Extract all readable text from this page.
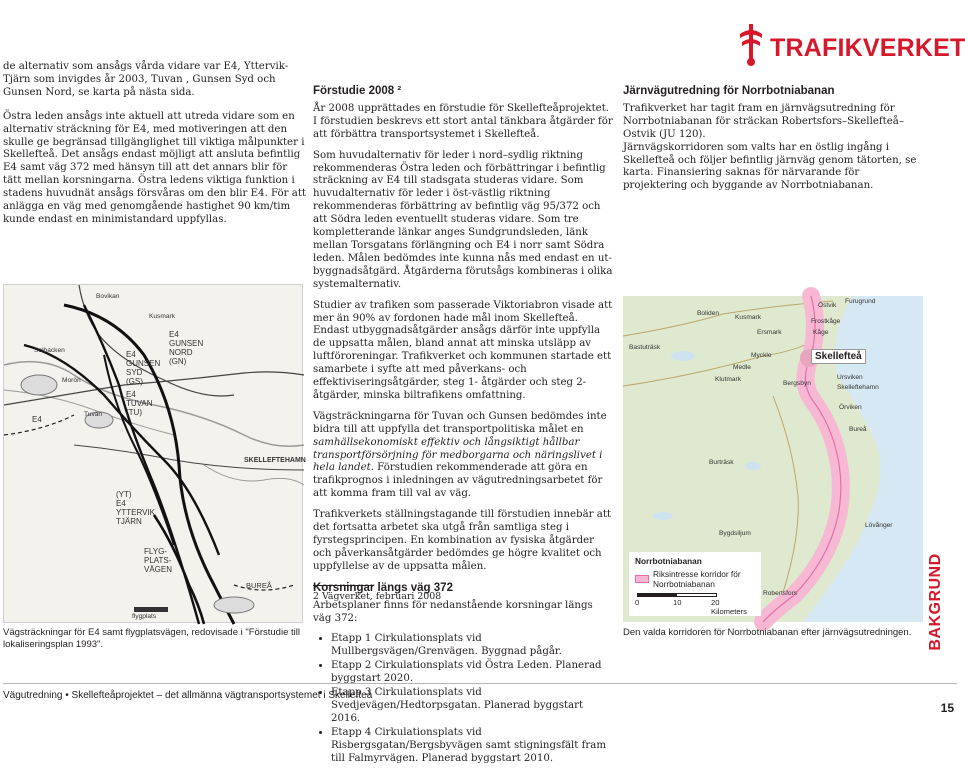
TRAFIKVERKET

de alternativ som ansågs vårda vidare var E4, Yttervik-Tjärn som invigdes år 2003, Tuvan , Gunsen Syd och Gunsen Nord, se karta på nästa sida.

Östra leden ansågs inte aktuell att utreda vidare som en alternativ sträckning för E4, med motiveringen att den skulle ge begränsad tillgänglighet till viktiga målpunkter i Skellefteå. Det ansågs endast möjligt att ansluta befintlig E4 samt väg 372 med hänsyn till att det annars blir för tätt mellan korsningarna. Östra ledens viktiga funktion i stadens huvudnät ansågs försvåras om den blir E4. För att anlägga en väg med genomgående hastighet 90 km/tim kunde endast en minimistandard uppfyllas.

Bovikan
Kusmark
E4
GUNSEN
NORD
(GN)
E4
GUNSEN
SYD
(GS)
E4
TUVAN
(TU)
Solbacken
Morön
Tuvan
E4
SKELLEFTEHAMN
(YT)
E4
YTTERVIK
TJÄRN
FLYG-
PLATS-
VÄGEN
BUREÅ
flygplats
Vägsträckningar för E4 samt flygplatsvägen, redovisade i "Förstudie till lokaliseringsplan 1993".
Förstudie 2008 ²

År 2008 upprättades en förstudie för Skellefteåprojektet. I förstudien beskrevs ett stort antal tänkbara åtgärder för att förbättra transportsystemet i Skellefteå.

Som huvudalternativ för leder i nord–sydlig riktning rekommenderas Östra leden och förbättringar i befintlig sträckning av E4 till stadsgata studeras vidare. Som huvudalternativ för leder i öst-västlig riktning rekommenderas förbättring av befintlig väg 95/372 och att Södra leden eventuellt studeras vidare. Som tre kompletterande länkar anges Sundgrundsleden, länk mellan Torsgatans förlängning och E4 i norr samt Södra leden. Målen bedömdes inte kunna nås med endast en ut-byggnadsåtgärd. Åtgärderna förutsågs kombineras i olika systemalternativ.

Studier av trafiken som passerade Viktoriabron visade att mer än 90% av fordonen hade mål inom Skellefteå. Endast utbyggnadsåtgärder ansågs därför inte uppfylla de uppsatta målen, bland annat att minska utsläpp av luftföroreningar. Trafikverket och kommunen startade ett samarbete i syfte att med påverkans- och effektiviseringsåtgärder, steg 1- åtgärder och steg 2-åtgärder, minska biltrafikens omfattning.

Vägsträckningarna för Tuvan och Gunsen bedömdes inte bidra till att uppfylla det transportpolitiska målet en samhällsekonomiskt effektiv och långsiktigt hållbar transportförsörjning för medborgarna och näringslivet i hela landet. Förstudien rekommenderade att göra en trafikprognos i inledningen av vägutredningsarbetet för att komma fram till val av väg.

Trafikverkets ställningstagande till förstudien innebär att det fortsatta arbetet ska utgå från samtliga steg i fyrstegsprincipen. En kombination av fysiska åtgärder och påverkansåtgärder bedömdes ge högre kvalitet och uppfyllelse av de uppsatta målen.

Korsningar längs väg 372

Arbetsplaner finns för nedanstående korsningar längs väg 372:

• Etapp 1 Cirkulationsplats vid Mullbergsvägen/Grenvägen. Byggnad pågår.
• Etapp 2 Cirkulationsplats vid Östra Leden. Planerad byggstart 2020.
• Etapp 3 Cirkulationsplats vid Svedjevägen/Hedtorpsgatan. Planerad byggstart 2016.
• Etapp 4 Cirkulationsplats vid Risbergsgatan/Bergsbyvägen samt stigningsfält fram till Falmyrvägen. Planerad byggstart 2010.
2 Vägverket, februari 2008
Järnvägutredning för Norrbotniabanan

Trafikverket har tagit fram en järnvägsutredning för Norrbotniabanan för sträckan Robertsfors–Skellefteå–Ostvik (JU 120).

Järnvägskorridoren som valts har en östlig ingång i Skellefteå och följer befintlig järnväg genom tätorten, se karta. Finansiering saknas för närvarande för projektering och byggande av Norrbotniabanan.

Östvik
Furugrund
Boliden
Kusmark
Frostkåge
Kåge
Ersmark
Bastuträsk
Myckle
Medle
Skellefteå
Klutmark
Bergsbyn
Ursviken
Skelleftehamn
Örviken
Bureå
Burträsk
Lövånger
Bygdsiljum
Robertsfors
Norrbotniabanan
Riksintresse korridor för Norrbotniabanan
0	10	20 Kilometers
Den valda korridoren för Norrbotniabanan efter järnvägsutredningen. BAKGRUND
Vägutredning • Skellefteåprojektet – det allmänna vägtransportsystemet i Skellefteå
15
